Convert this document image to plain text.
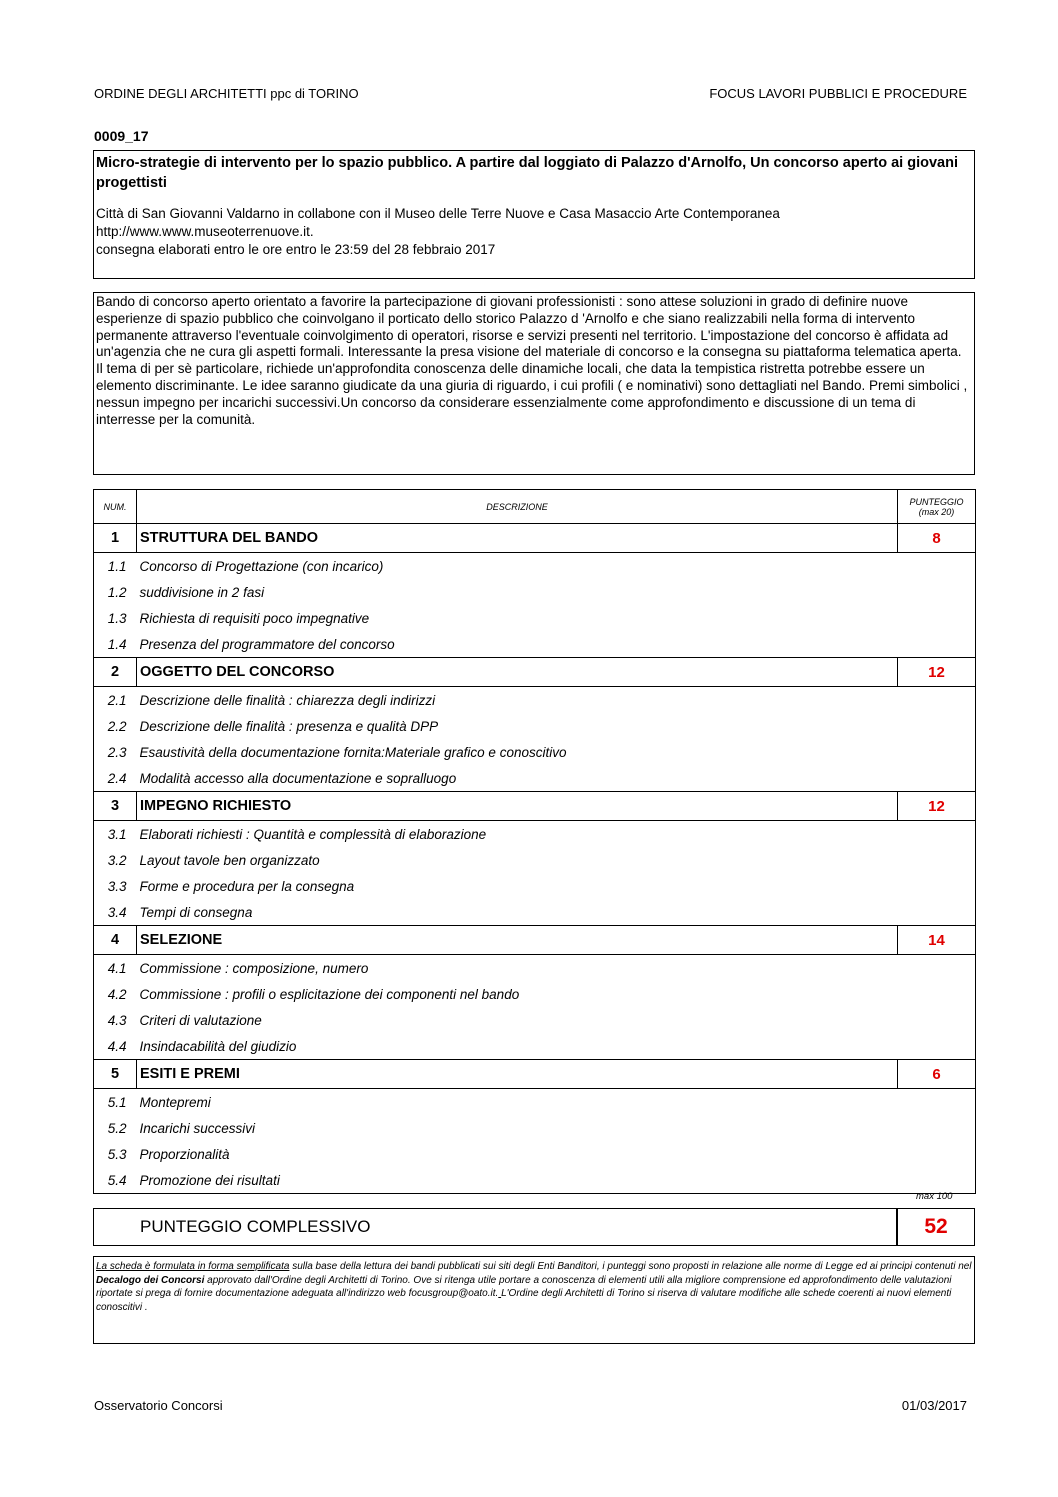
ORDINE DEGLI ARCHITETTI ppc di TORINO	FOCUS LAVORI PUBBLICI E PROCEDURE
0009_17
Micro-strategie di intervento per lo spazio pubblico. A partire dal loggiato di Palazzo d'Arnolfo, Un concorso aperto ai giovani progettisti
Città di San Giovanni Valdarno in collabone con il Museo delle Terre Nuove e Casa Masaccio Arte Contemporanea
http://www.www.museoterrenuove.it.
consegna elaborati entro le ore entro le 23:59 del 28 febbraio 2017
Bando di concorso aperto orientato a favorire la partecipazione di giovani professionisti : sono attese soluzioni in grado di definire nuove esperienze di spazio pubblico che coinvolgano il porticato dello storico Palazzo d 'Arnolfo e che siano realizzabili nella forma di intervento permanente attraverso l'eventuale coinvolgimento di operatori, risorse e servizi presenti nel territorio. L'impostazione del concorso è affidata ad un'agenzia che ne cura gli aspetti formali. Interessante la presa visione del materiale di concorso e la consegna su piattaforma telematica aperta. Il tema di per sè particolare, richiede un'approfondita conoscenza delle dinamiche locali, che data la tempistica ristretta potrebbe essere un elemento discriminante. Le idee saranno giudicate da una giuria di riguardo, i cui profili ( e nominativi) sono dettagliati nel Bando. Premi simbolici , nessun impegno per incarichi successivi.Un concorso da considerare essenzialmente come approfondimento e discussione di un tema di interresse per la comunità.
NUM.	DESCRIZIONE	PUNTEGGIO
(max 20)

1	STRUTTURA DEL BANDO	8
1.1	Concorso di Progettazione (con incarico)	
1.2	suddivisione in 2 fasi	
1.3	Richiesta di requisiti poco impegnative	
1.4	Presenza del programmatore del concorso	
2	OGGETTO DEL CONCORSO	12
2.1	Descrizione delle finalità : chiarezza degli indirizzi	
2.2	Descrizione delle finalità : presenza e qualità DPP	
2.3	Esaustività della documentazione fornita:Materiale grafico e conoscitivo	
2.4	Modalità accesso alla documentazione e sopralluogo	
3	IMPEGNO RICHIESTO	12
3.1	Elaborati richiesti : Quantità e complessità di elaborazione	
3.2	Layout tavole ben organizzato	
3.3	Forme e procedura per la consegna	
3.4	Tempi di consegna	
4	SELEZIONE	14
4.1	Commissione : composizione, numero	
4.2	Commissione : profili o esplicitazione dei componenti nel bando	
4.3	Criteri di valutazione	
4.4	Insindacabilità del giudizio	
5	ESITI E PREMI	6
5.1	Montepremi	
5.2	Incarichi successivi	
5.3	Proporzionalità	
5.4	Promozione dei risultati	
max 100
PUNTEGGIO COMPLESSIVO	52
La scheda è formulata in forma semplificata sulla base della lettura dei bandi pubblicati sui siti degli Enti Banditori, i punteggi sono proposti in relazione alle norme di Legge ed ai principi contenuti nel Decalogo dei Concorsi approvato dall'Ordine degli Architetti di Torino. Ove si ritenga utile portare a conoscenza di elementi utili alla migliore comprensione ed approfondimento delle valutazioni riportate si prega di fornire documentazione adeguata all'indirizzo web focusgroup@oato.it. L'Ordine degli Architetti di Torino si riserva di valutare modifiche alle schede coerenti ai nuovi elementi conoscitivi .
Osservatorio Concorsi	01/03/2017
